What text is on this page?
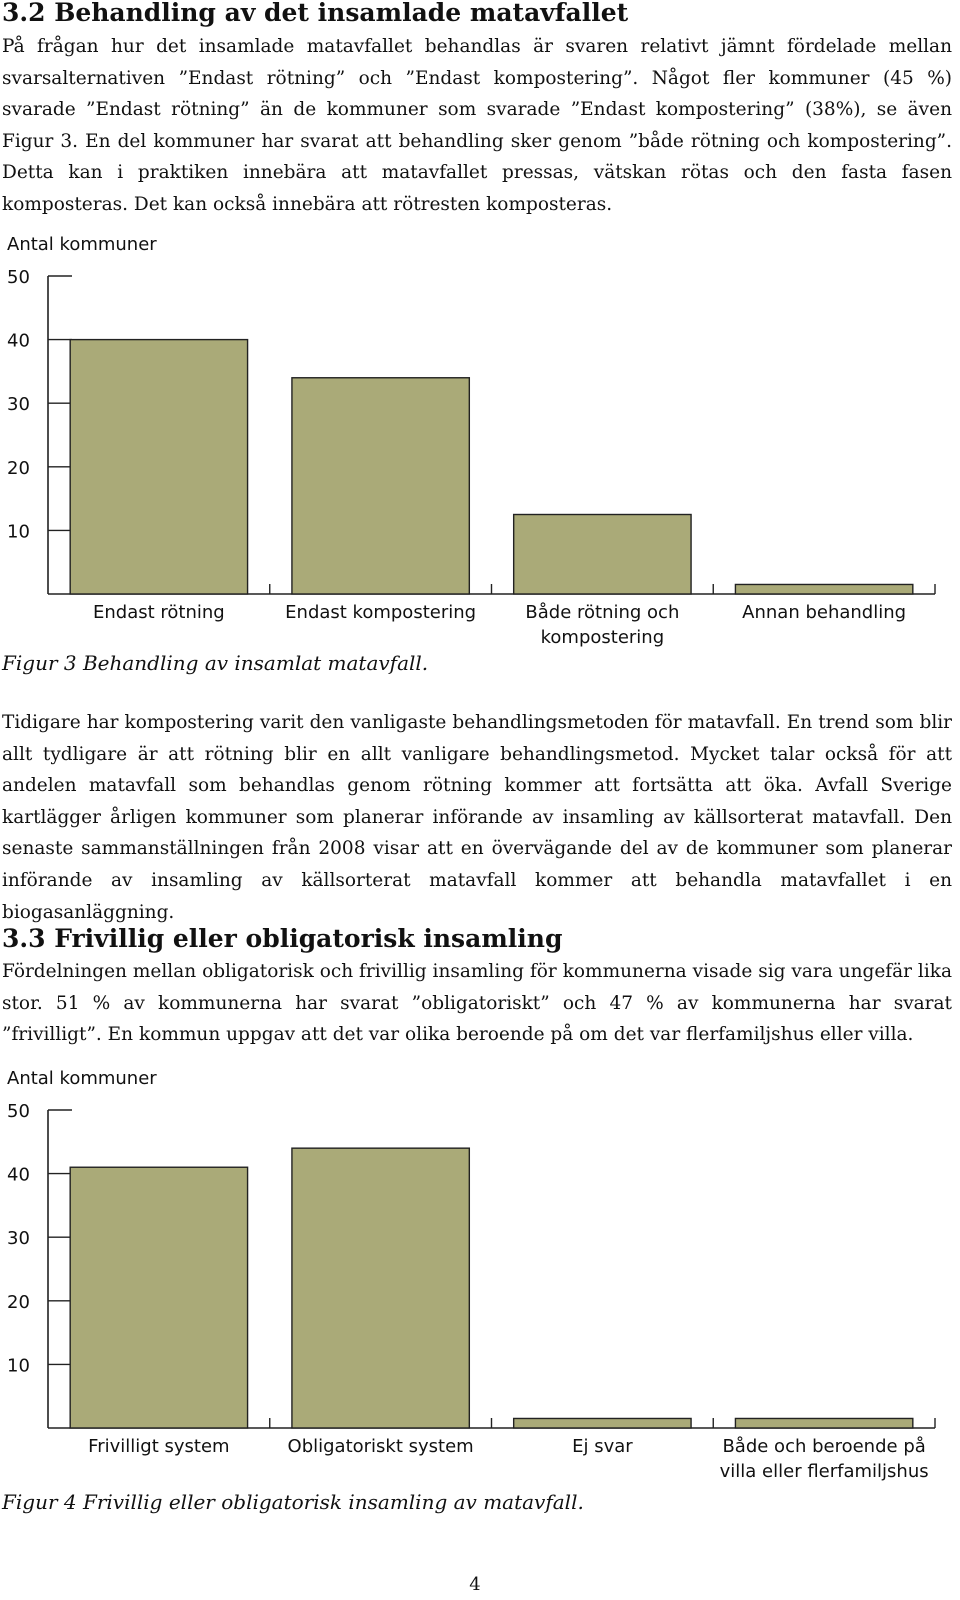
3.2 Behandling av det insamlade matavfallet

På frågan hur det insamlade matavfallet behandlas är svaren relativt jämnt fördelade mellan svarsalternativen ”Endast rötning” och ”Endast kompostering”. Något fler kommuner (45 %) svarade ”Endast rötning” än de kommuner som svarade ”Endast kompostering” (38%), se även Figur 3. En del kommuner har svarat att behandling sker genom ”både rötning och kompostering”. Detta kan i praktiken innebära att matavfallet pressas, vätskan rötas och den fasta fasen komposteras. Det kan också innebära att rötresten komposteras.

Antal kommuner
10
20
30
40
50
Endast rötning	Endast kompostering	Både rötning och
kompostering
Annan behandling

Figur 3 Behandling av insamlat matavfall.

Tidigare har kompostering varit den vanligaste behandlingsmetoden för matavfall. En trend som blir allt tydligare är att rötning blir en allt vanligare behandlingsmetod. Mycket talar också för att andelen matavfall som behandlas genom rötning kommer att fortsätta att öka. Avfall Sverige kartlägger årligen kommuner som planerar införande av insamling av källsorterat matavfall. Den senaste sammanställningen från 2008 visar att en övervägande del av de kommuner som planerar införande av insamling av källsorterat matavfall kommer att behandla matavfallet i en biogasanläggning.

3.3 Frivillig eller obligatorisk insamling

Fördelningen mellan obligatorisk och frivillig insamling för kommunerna visade sig vara ungefär lika stor. 51 % av kommunerna har svarat ”obligatoriskt” och 47 % av kommunerna har svarat ”frivilligt”. En kommun uppgav att det var olika beroende på om det var flerfamiljshus eller villa.

Antal kommuner
10
20
30
40
50
Frivilligt system	Obligatoriskt system	Ej svar	Både och beroende på
villa eller flerfamiljshus

Figur 4 Frivillig eller obligatorisk insamling av matavfall.

4
